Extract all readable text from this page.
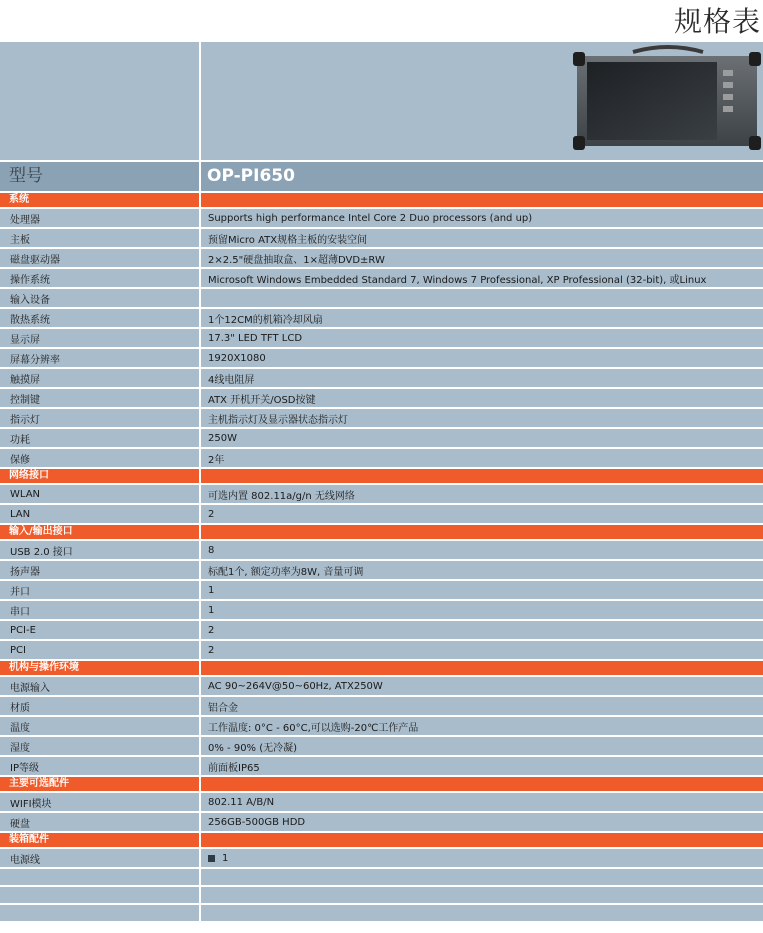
规格表
型号	OP-PI650
系统
处理器	Supports high performance Intel Core 2 Duo processors (and up)
主板	预留Micro ATX规格主板的安装空间
磁盘驱动器	2×2.5"硬盘抽取盒、1×超薄DVD±RW
操作系统	Microsoft Windows Embedded Standard 7, Windows 7 Professional, XP Professional (32-bit), 或Linux
输入设备
散热系统	1个12CM的机箱冷却风扇
显示屏	17.3" LED TFT LCD
屏幕分辨率	1920X1080
触摸屏	4线电阻屏
控制键	ATX 开机开关/OSD按键
指示灯	主机指示灯及显示器状态指示灯
功耗	250W
保修	2年
网络接口
WLAN	可选内置 802.11a/g/n 无线网络
LAN	2
输入/输出接口
USB 2.0 接口	8
扬声器	标配1个, 额定功率为8W, 音量可调
并口	1
串口	1
PCI-E	2
PCI	2
机构与操作环境
电源输入	AC 90~264V@50~60Hz, ATX250W
材质	铝合金
温度	工作温度: 0°C - 60°C,可以选购-20℃工作产品
湿度	0% - 90% (无冷凝)
IP等级	前面板IP65
主要可选配件
WIFI模块	802.11 A/B/N
硬盘	256GB-500GB HDD
装箱配件
电源线	1
